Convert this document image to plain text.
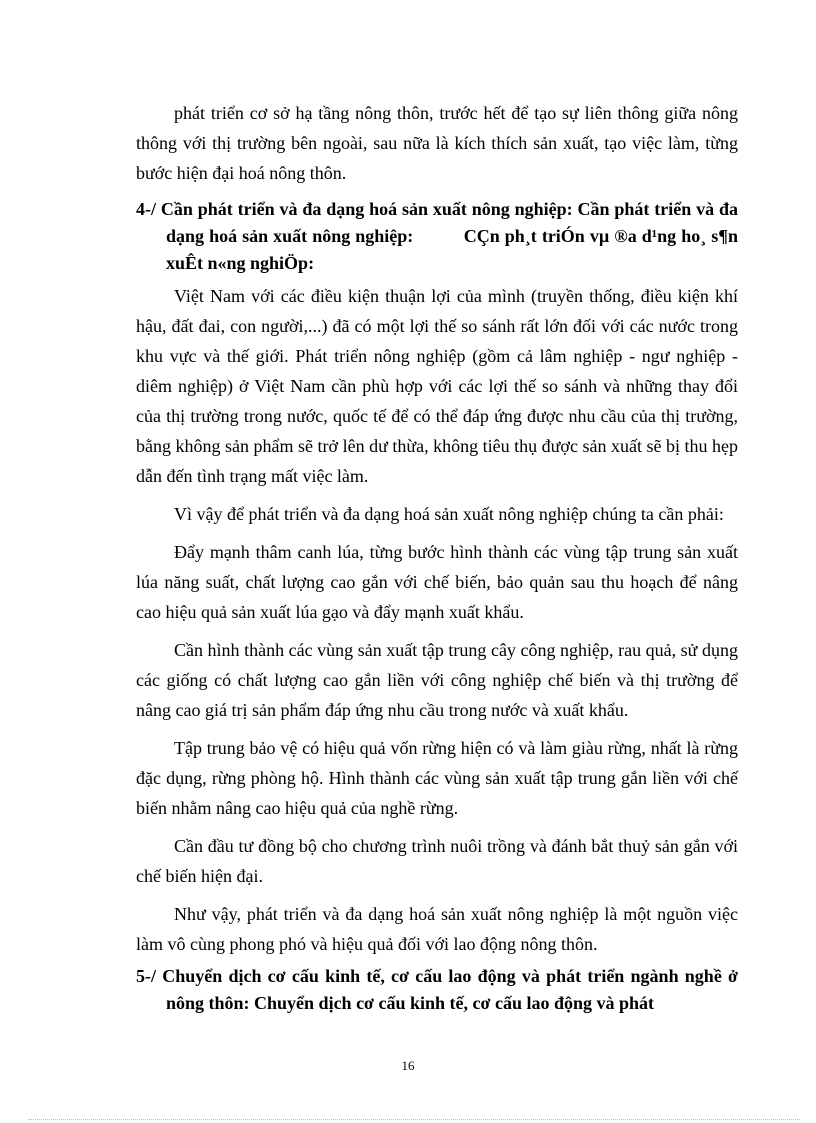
phát triển cơ sở hạ tầng nông thôn, trước hết để tạo sự liên thông giữa nông thông với thị trường bên ngoài, sau nữa là kích thích sản xuất, tạo việc làm, từng bước hiện đại hoá nông thôn.

4-/ Cần phát triển và đa dạng hoá sản xuất nông nghiệp: Cần phát triển và đa dạng hoá sản xuất nông nghiệp:	CÇn ph¸t triÓn vµ ®a d¹ng ho¸ s¶n xuÊt n«ng nghiÖp:

Việt Nam với các điều kiện thuận lợi của mình (truyền thống, điều kiện khí hậu, đất đai, con người,...) đã có một lợi thế so sánh rất lớn đối với các nước trong khu vực và thế giới. Phát triển nông nghiệp (gồm cả lâm nghiệp - ngư nghiệp - diêm nghiệp) ở Việt Nam cần phù hợp với các lợi thế so sánh và những thay đổi của thị trường trong nước, quốc tế để có thể đáp ứng được nhu cầu của thị trường, bằng không sản phẩm sẽ trở lên dư thừa, không tiêu thụ được sản xuất sẽ bị thu hẹp dẫn đến tình trạng mất việc làm.

Vì vậy để phát triển và đa dạng hoá sản xuất nông nghiệp chúng ta cần phải:

Đẩy mạnh thâm canh lúa, từng bước hình thành các vùng tập trung sản xuất lúa năng suất, chất lượng cao gắn với chế biến, bảo quản sau thu hoạch để nâng cao hiệu quả sản xuất lúa gạo và đẩy mạnh xuất khẩu.

Cần hình thành các vùng sản xuất tập trung cây công nghiệp, rau quả, sử dụng các giống có chất lượng cao gắn liền với công nghiệp chế biến và thị trường để nâng cao giá trị sản phẩm đáp ứng nhu cầu trong nước và xuất khẩu.

Tập trung bảo vệ có hiệu quả vốn rừng hiện có và làm giàu rừng, nhất là rừng đặc dụng, rừng phòng hộ. Hình thành các vùng sản xuất tập trung gắn liền với chế biến nhằm nâng cao hiệu quả của nghề rừng.

Cần đầu tư đồng bộ cho chương trình nuôi trồng và đánh bắt thuỷ sản gắn với chế biến hiện đại.

Như vậy, phát triển và đa dạng hoá sản xuất nông nghiệp là một nguồn việc làm vô cùng phong phó và hiệu quả đối với lao động nông thôn.

5-/ Chuyển dịch cơ cấu kinh tế, cơ cấu lao động và phát triển ngành nghề ở nông thôn: Chuyển dịch cơ cấu kinh tế, cơ cấu lao động và phát

16
